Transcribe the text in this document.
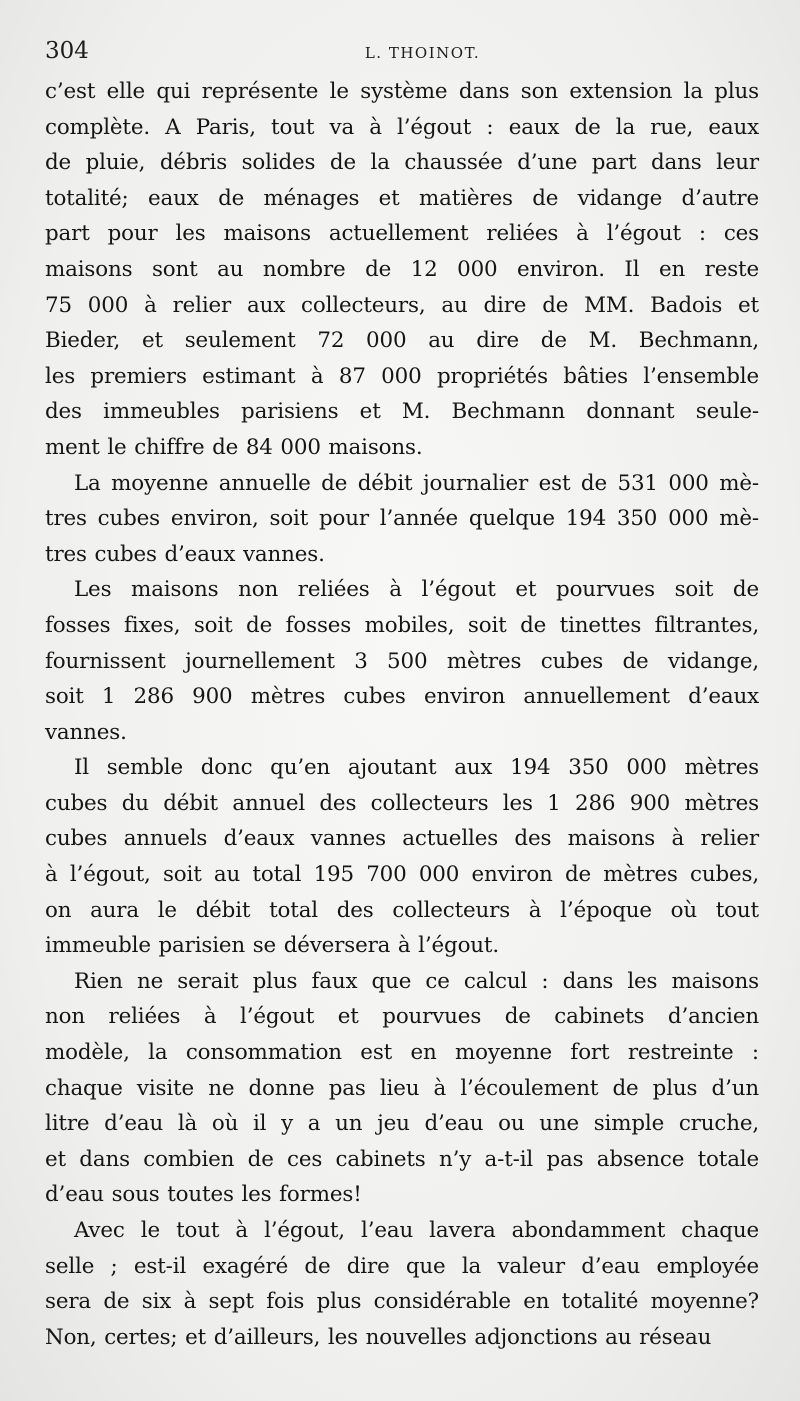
304	L. THOINOT.
c’est elle qui représente le système dans son extension la plus
complète. A Paris, tout va à l’égout : eaux de la rue, eaux
de pluie, débris solides de la chaussée d’une part dans leur
totalité; eaux de ménages et matières de vidange d’autre
part pour les maisons actuellement reliées à l’égout : ces
maisons sont au nombre de 12 000 environ. Il en reste
75 000 à relier aux collecteurs, au dire de MM. Badois et
Bieder, et seulement 72 000 au dire de M. Bechmann,
les premiers estimant à 87 000 propriétés bâties l’ensemble
des immeubles parisiens et M. Bechmann donnant seule-
ment le chiffre de 84 000 maisons.
La moyenne annuelle de débit journalier est de 531 000 mè-
tres cubes environ, soit pour l’année quelque 194 350 000 mè-
tres cubes d’eaux vannes.
Les maisons non reliées à l’égout et pourvues soit de
fosses fixes, soit de fosses mobiles, soit de tinettes filtrantes,
fournissent journellement 3 500 mètres cubes de vidange,
soit 1 286 900 mètres cubes environ annuellement d’eaux
vannes.
Il semble donc qu’en ajoutant aux 194 350 000 mètres
cubes du débit annuel des collecteurs les 1 286 900 mètres
cubes annuels d’eaux vannes actuelles des maisons à relier
à l’égout, soit au total 195 700 000 environ de mètres cubes,
on aura le débit total des collecteurs à l’époque où tout
immeuble parisien se déversera à l’égout.
Rien ne serait plus faux que ce calcul : dans les maisons
non reliées à l’égout et pourvues de cabinets d’ancien
modèle, la consommation est en moyenne fort restreinte :
chaque visite ne donne pas lieu à l’écoulement de plus d’un
litre d’eau là où il y a un jeu d’eau ou une simple cruche,
et dans combien de ces cabinets n’y a-t-il pas absence totale
d’eau sous toutes les formes!
Avec le tout à l’égout, l’eau lavera abondamment chaque
selle ; est-il exagéré de dire que la valeur d’eau employée
sera de six à sept fois plus considérable en totalité moyenne?
Non, certes; et d’ailleurs, les nouvelles adjonctions au réseau
